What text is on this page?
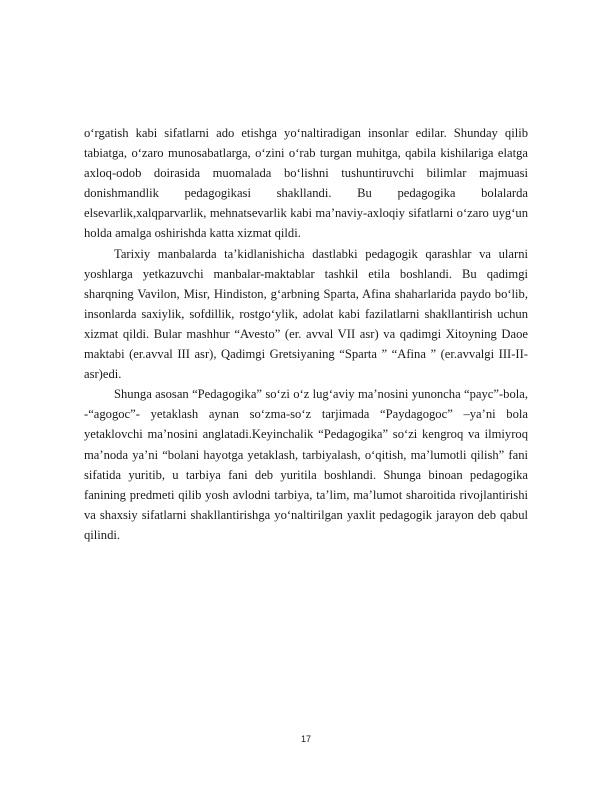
o‘rgatish kabi sifatlarni ado etishga yo‘naltiradigan insonlar edilar. Shunday qilib tabiatga, o‘zaro munosabatlarga, o‘zini o‘rab turgan muhitga, qabila kishilariga elatga axloq-odob doirasida muomalada bo‘lishni tushuntiruvchi bilimlar majmuasi donishmandlik pedagogikasi shakllandi. Bu pedagogika bolalarda elsevarlik,xalqparvarlik, mehnatsevarlik kabi ma’naviy-axloqiy sifatlarni o‘zaro uyg‘un holda amalga oshirishda katta xizmat qildi.

Tarixiy manbalarda ta’kidlanishicha dastlabki pedagogik qarashlar va ularni yoshlarga yetkazuvchi manbalar-maktablar tashkil etila boshlandi. Bu qadimgi sharqning Vavilon, Misr, Hindiston, g‘arbning Sparta, Afina shaharlarida paydo bo‘lib, insonlarda saxiylik, sofdillik, rostgo‘ylik, adolat kabi fazilatlarni shakllantirish uchun xizmat qildi. Bular mashhur “Avesto” (er. avval VII asr) va qadimgi Xitoyning Daoe maktabi (er.avval III asr), Qadimgi Gretsiyaning “Sparta ” “Afina ” (er.avvalgi III-II-asr)edi.

Shunga asosan “Pedagogika” so‘zi o‘z lug‘aviy ma’nosini yunoncha “payc”-bola, -“agogoc”- yetaklash aynan so‘zma-so‘z tarjimada “Paydagogoc” –ya’ni bola yetaklovchi ma’nosini anglatadi.Keyinchalik “Pedagogika” so‘zi kengroq va ilmiyroq ma’noda ya’ni “bolani hayotga yetaklash, tarbiyalash, o‘qitish, ma’lumotli qilish” fani sifatida yuritib, u tarbiya fani deb yuritila boshlandi. Shunga binoan pedagogika fanining predmeti qilib yosh avlodni tarbiya, ta’lim, ma’lumot sharoitida rivojlantirishi va shaxsiy sifatlarni shakllantirishga yo‘naltirilgan yaxlit pedagogik jarayon deb qabul qilindi.

17
